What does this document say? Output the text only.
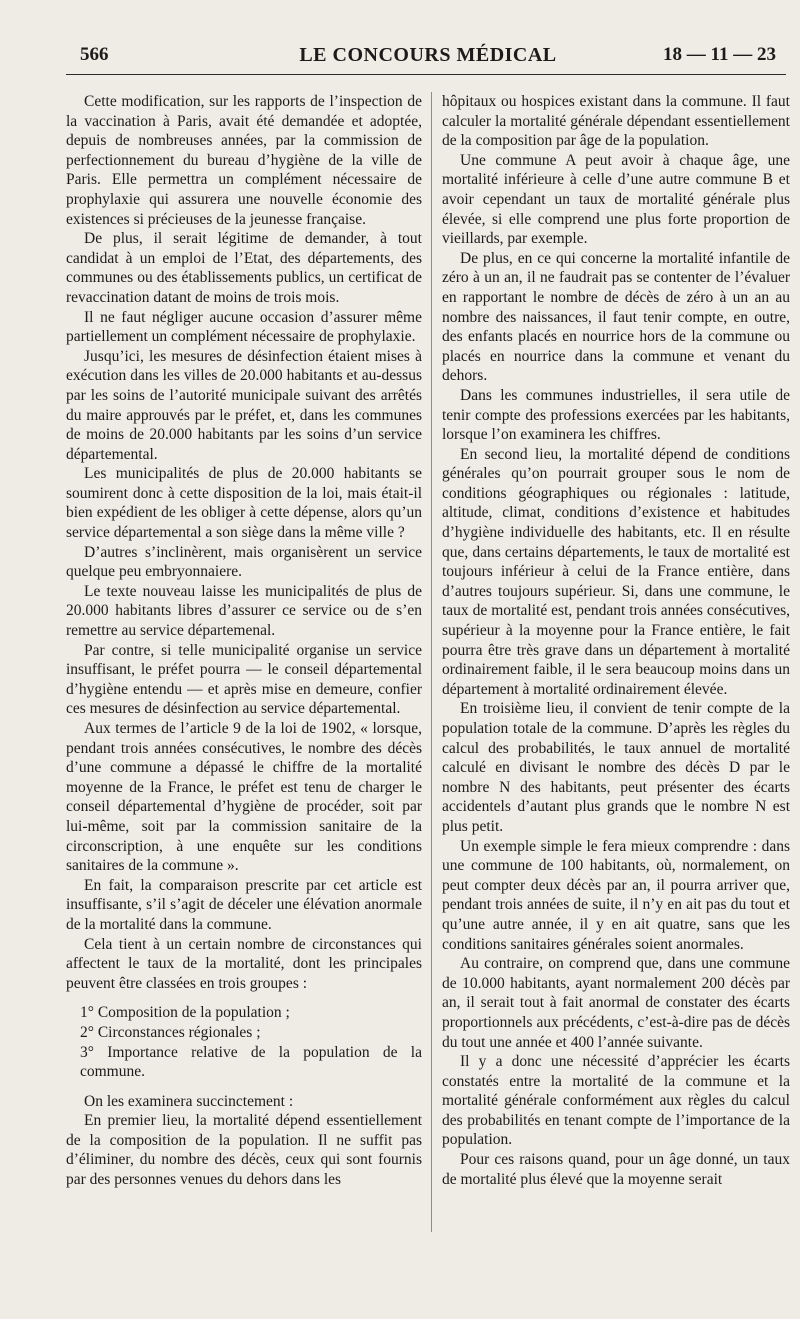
566	LE CONCOURS MÉDICAL	18 — 11 — 23

Cette modification, sur les rapports de l’inspection de la vaccination à Paris, avait été demandée et adoptée, depuis de nombreuses années, par la commission de perfectionnement du bureau d’hygiène de la ville de Paris. Elle permettra un complément nécessaire de prophylaxie qui assurera une nouvelle économie des existences si précieuses de la jeunesse française.

De plus, il serait légitime de demander, à tout candidat à un emploi de l’Etat, des départements, des communes ou des établissements publics, un certificat de revaccination datant de moins de trois mois.

Il ne faut négliger aucune occasion d’assurer même partiellement un complément nécessaire de prophylaxie.

Jusqu’ici, les mesures de désinfection étaient mises à exécution dans les villes de 20.000 habitants et au-dessus par les soins de l’autorité municipale suivant des arrêtés du maire approuvés par le préfet, et, dans les communes de moins de 20.000 habitants par les soins d’un service départemental.

Les municipalités de plus de 20.000 habitants se soumirent donc à cette disposition de la loi, mais était-il bien expédient de les obliger à cette dépense, alors qu’un service départemental a son siège dans la même ville ?

D’autres s’inclinèrent, mais organisèrent un service quelque peu embryonnaiere.

Le texte nouveau laisse les municipalités de plus de 20.000 habitants libres d’assurer ce service ou de s’en remettre au service départemenal.

Par contre, si telle municipalité organise un service insuffisant, le préfet pourra — le conseil départemental d’hygiène entendu — et après mise en demeure, confier ces mesures de désinfection au service départemental.

Aux termes de l’article 9 de la loi de 1902, « lorsque, pendant trois années consécutives, le nombre des décès d’une commune a dépassé le chiffre de la mortalité moyenne de la France, le préfet est tenu de charger le conseil départemental d’hygiène de procéder, soit par lui-même, soit par la commission sanitaire de la circonscription, à une enquête sur les conditions sanitaires de la commune ».

En fait, la comparaison prescrite par cet article est insuffisante, s’il s’agit de déceler une élévation anormale de la mortalité dans la commune.

Cela tient à un certain nombre de circonstances qui affectent le taux de la mortalité, dont les principales peuvent être classées en trois groupes :

1° Composition de la population ;

2° Circonstances régionales ;

3° Importance relative de la population de la commune.

On les examinera succinctement :

En premier lieu, la mortalité dépend essentiellement de la composition de la population. Il ne suffit pas d’éliminer, du nombre des décès, ceux qui sont fournis par des personnes venues du dehors dans les

hôpitaux ou hospices existant dans la commune. Il faut calculer la mortalité générale dépendant essentiellement de la composition par âge de la population.

Une commune A peut avoir à chaque âge, une mortalité inférieure à celle d’une autre commune B et avoir cependant un taux de mortalité générale plus élevée, si elle comprend une plus forte proportion de vieillards, par exemple.

De plus, en ce qui concerne la mortalité infantile de zéro à un an, il ne faudrait pas se contenter de l’évaluer en rapportant le nombre de décès de zéro à un an au nombre des naissances, il faut tenir compte, en outre, des enfants placés en nourrice hors de la commune ou placés en nourrice dans la commune et venant du dehors.

Dans les communes industrielles, il sera utile de tenir compte des professions exercées par les habitants, lorsque l’on examinera les chiffres.

En second lieu, la mortalité dépend de conditions générales qu’on pourrait grouper sous le nom de conditions géographiques ou régionales : latitude, altitude, climat, conditions d’existence et habitudes d’hygiène individuelle des habitants, etc. Il en résulte que, dans certains départements, le taux de mortalité est toujours inférieur à celui de la France entière, dans d’autres toujours supérieur. Si, dans une commune, le taux de mortalité est, pendant trois années consécutives, supérieur à la moyenne pour la France entière, le fait pourra être très grave dans un département à mortalité ordinairement faible, il le sera beaucoup moins dans un département à mortalité ordinairement élevée.

En troisième lieu, il convient de tenir compte de la population totale de la commune. D’après les règles du calcul des probabilités, le taux annuel de mortalité calculé en divisant le nombre des décès D par le nombre N des habitants, peut présenter des écarts accidentels d’autant plus grands que le nombre N est plus petit.

Un exemple simple le fera mieux comprendre : dans une commune de 100 habitants, où, normalement, on peut compter deux décès par an, il pourra arriver que, pendant trois années de suite, il n’y en ait pas du tout et qu’une autre année, il y en ait quatre, sans que les conditions sanitaires générales soient anormales.

Au contraire, on comprend que, dans une commune de 10.000 habitants, ayant normalement 200 décès par an, il serait tout à fait anormal de constater des écarts proportionnels aux précédents, c’est-à-dire pas de décès du tout une année et 400 l’année suivante.

Il y a donc une nécessité d’apprécier les écarts constatés entre la mortalité de la commune et la mortalité générale conformément aux règles du calcul des probabilités en tenant compte de l’importance de la population.

Pour ces raisons quand, pour un âge donné, un taux de mortalité plus élevé que la moyenne serait
